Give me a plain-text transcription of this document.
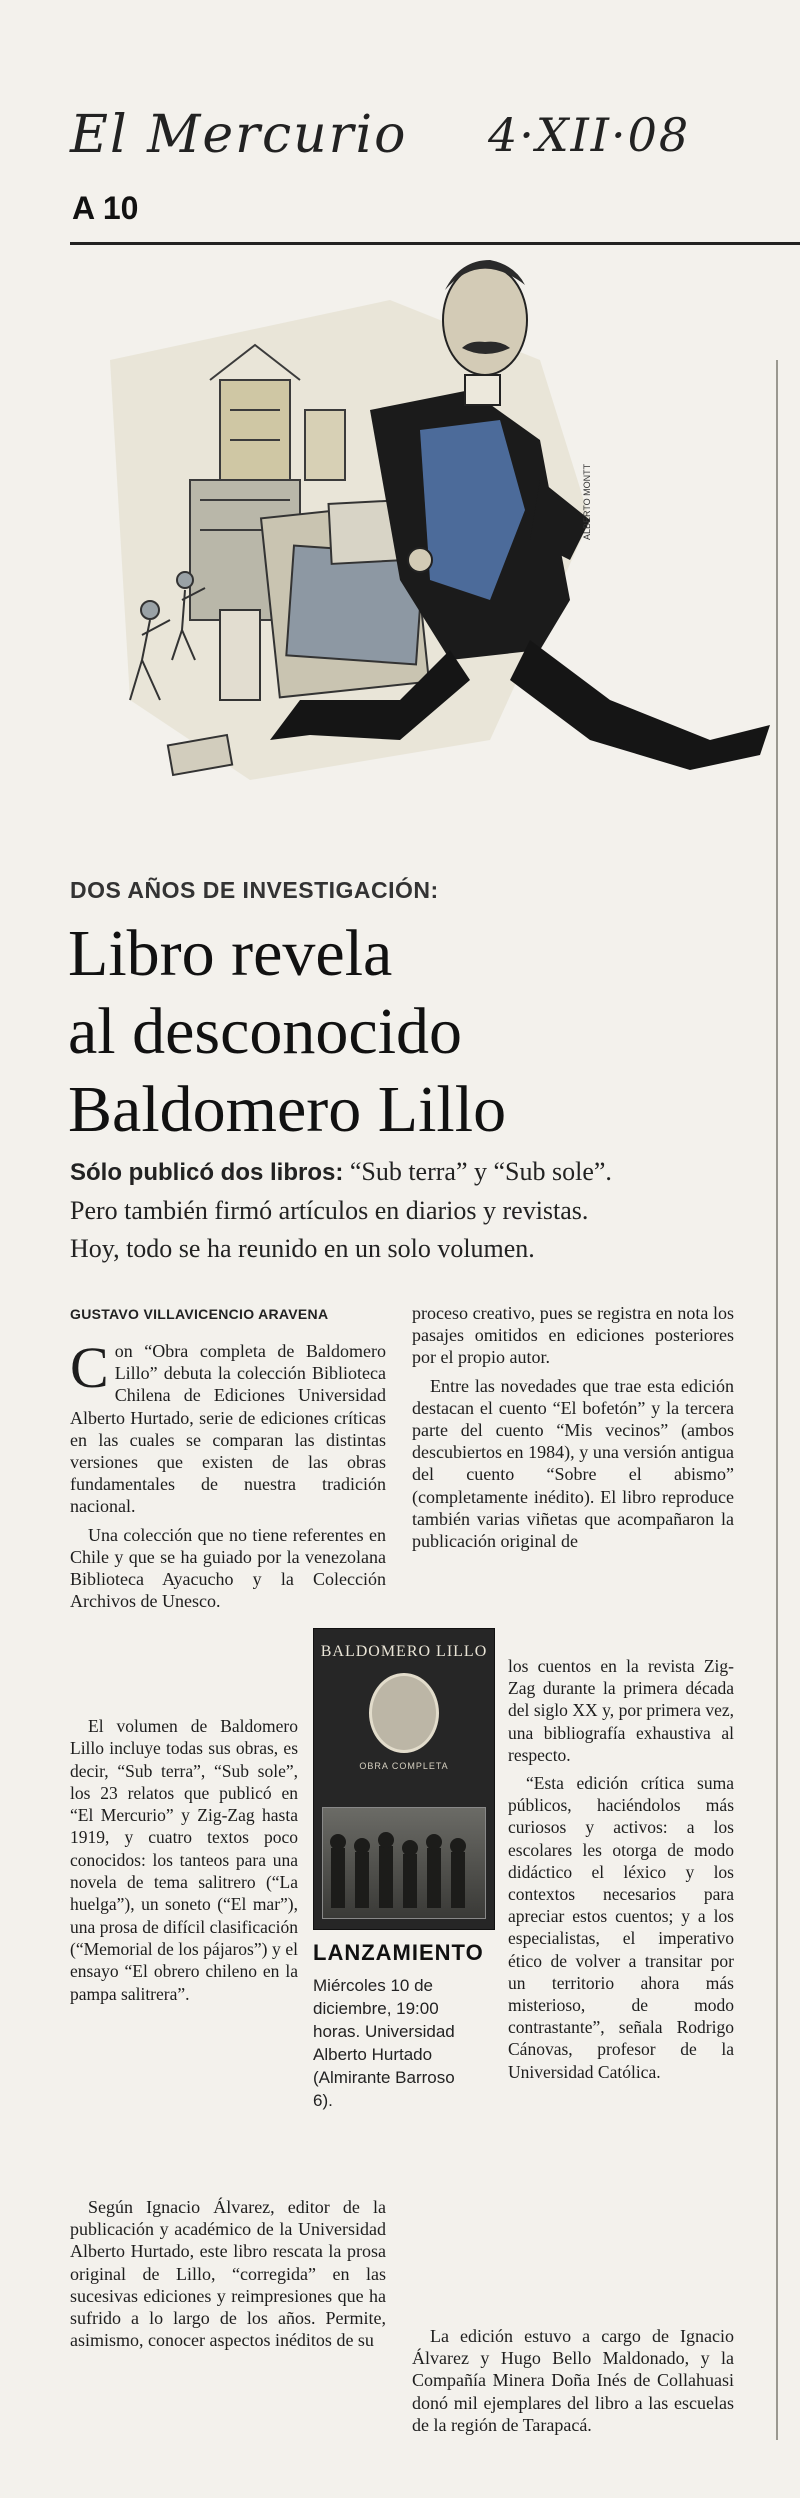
El Mercurio 4·XII·08
A 10
ALBERTO MONTT
DOS AÑOS DE INVESTIGACIÓN:
Libro revela
al desconocido
Baldomero Lillo
Sólo publicó dos libros: “Sub terra” y “Sub sole”.
Pero también firmó artículos en diarios y revistas.
Hoy, todo se ha reunido en un solo volumen.
GUSTAVO VILLAVICENCIO ARAVENA

Con “Obra completa de Baldomero Lillo” debuta la colección Biblioteca Chilena de Ediciones Universidad Alberto Hurtado, serie de ediciones críticas en las cuales se comparan las distintas versiones que existen de las obras fundamentales de nuestra tradición nacional.

Una colección que no tiene referentes en Chile y que se ha guiado por la venezolana Biblioteca Ayacucho y la Colección Archivos de Unesco.

El volumen de Baldomero Lillo incluye todas sus obras, es decir, “Sub terra”, “Sub sole”, los 23 relatos que publicó en “El Mercurio” y Zig-Zag hasta 1919, y cuatro textos poco conocidos: los tanteos para una novela de tema salitrero (“La huelga”), un soneto (“El mar”), una prosa de difícil clasificación (“Memorial de los pájaros”) y el ensayo “El obrero chileno en la pampa salitrera”.

Según Ignacio Álvarez, editor de la publicación y académico de la Universidad Alberto Hurtado, este libro rescata la prosa original de Lillo, “corregida” en las sucesivas ediciones y reimpresiones que ha sufrido a lo largo de los años. Permite, asimismo, conocer aspectos inéditos de su

BALDOMERO LILLO
OBRA COMPLETA
LANZAMIENTO
Miércoles 10 de diciembre, 19:00 horas. Universidad Alberto Hurtado (Almirante Barroso 6).

proceso creativo, pues se registra en nota los pasajes omitidos en ediciones posteriores por el propio autor.

Entre las novedades que trae esta edición destacan el cuento “El bofetón” y la tercera parte del cuento “Mis vecinos” (ambos descubiertos en 1984), y una versión antigua del cuento “Sobre el abismo” (completamente inédito). El libro reproduce también varias viñetas que acompañaron la publicación original de

los cuentos en la revista Zig-Zag durante la primera década del siglo XX y, por primera vez, una bibliografía exhaustiva al respecto.

“Esta edición crítica suma públicos, haciéndolos más curiosos y activos: a los escolares les otorga de modo didáctico el léxico y los contextos necesarios para apreciar estos cuentos; y a los especialistas, el imperativo ético de volver a transitar por un territorio ahora más misterioso, de modo contrastante”, señala Rodrigo Cánovas, profesor de la Universidad Católica.

La edición estuvo a cargo de Ignacio Álvarez y Hugo Bello Maldonado, y la Compañía Minera Doña Inés de Collahuasi donó mil ejemplares del libro a las escuelas de la región de Tarapacá.
